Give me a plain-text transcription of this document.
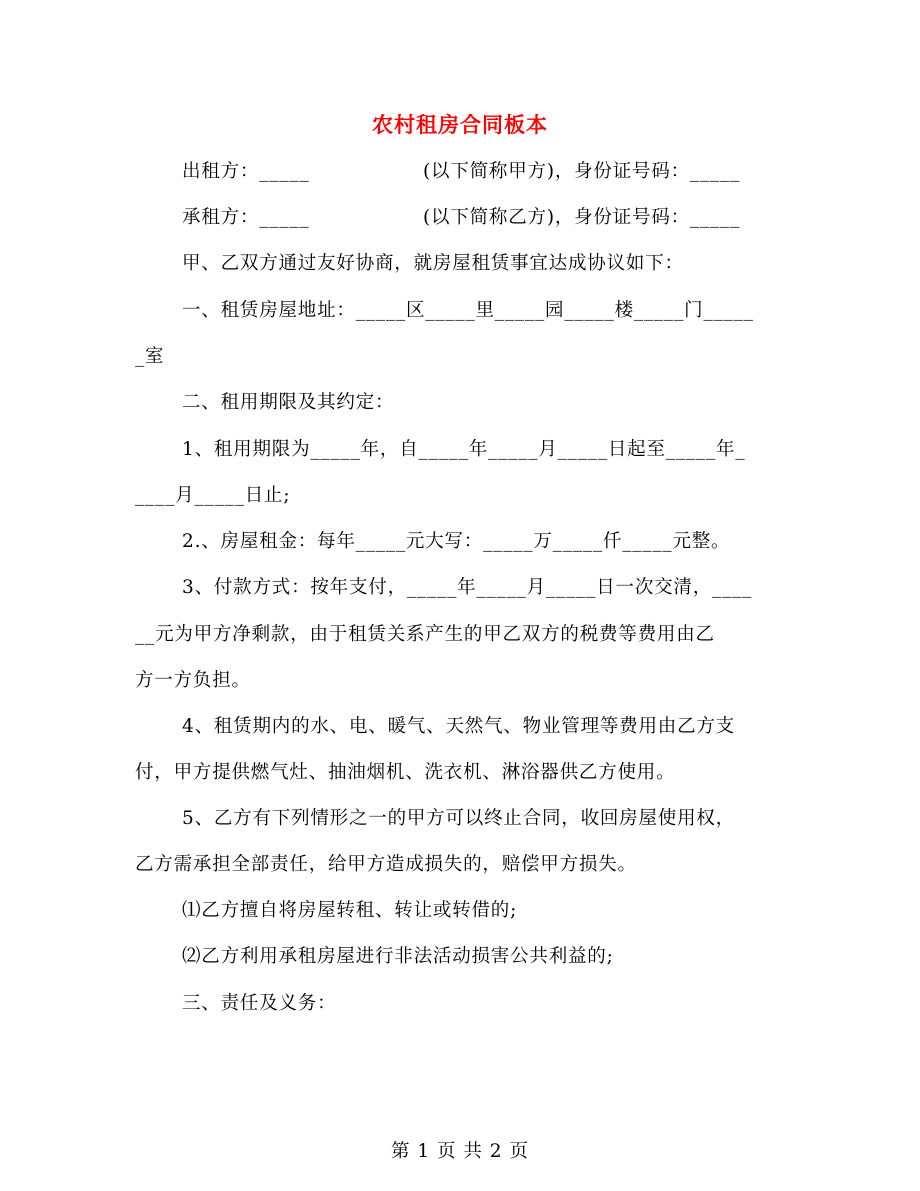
农村租房合同板本
出租方：_____	(以下简称甲方)，身份证号码：_____
承租方：_____	(以下简称乙方)，身份证号码：_____
甲、乙双方通过友好协商，就房屋租赁事宜达成协议如下：
一、租赁房屋地址：_____区_____里_____园_____楼_____门_____
_室
二、租用期限及其约定：
1、租用期限为_____年，自_____年_____月_____日起至_____年_
____月_____日止;
2.、房屋租金：每年_____元大写：_____万_____仟_____元整。
3、付款方式：按年支付，_____年_____月_____日一次交清，____
__元为甲方净剩款，由于租赁关系产生的甲乙双方的税费等费用由乙
方一方负担。
4、租赁期内的水、电、暖气、天然气、物业管理等费用由乙方支
付，甲方提供燃气灶、抽油烟机、洗衣机、淋浴器供乙方使用。
5、乙方有下列情形之一的甲方可以终止合同，收回房屋使用权，
乙方需承担全部责任，给甲方造成损失的，赔偿甲方损失。
⑴乙方擅自将房屋转租、转让或转借的;
⑵乙方利用承租房屋进行非法活动损害公共利益的;
三、责任及义务：
第 1 页 共 2 页
